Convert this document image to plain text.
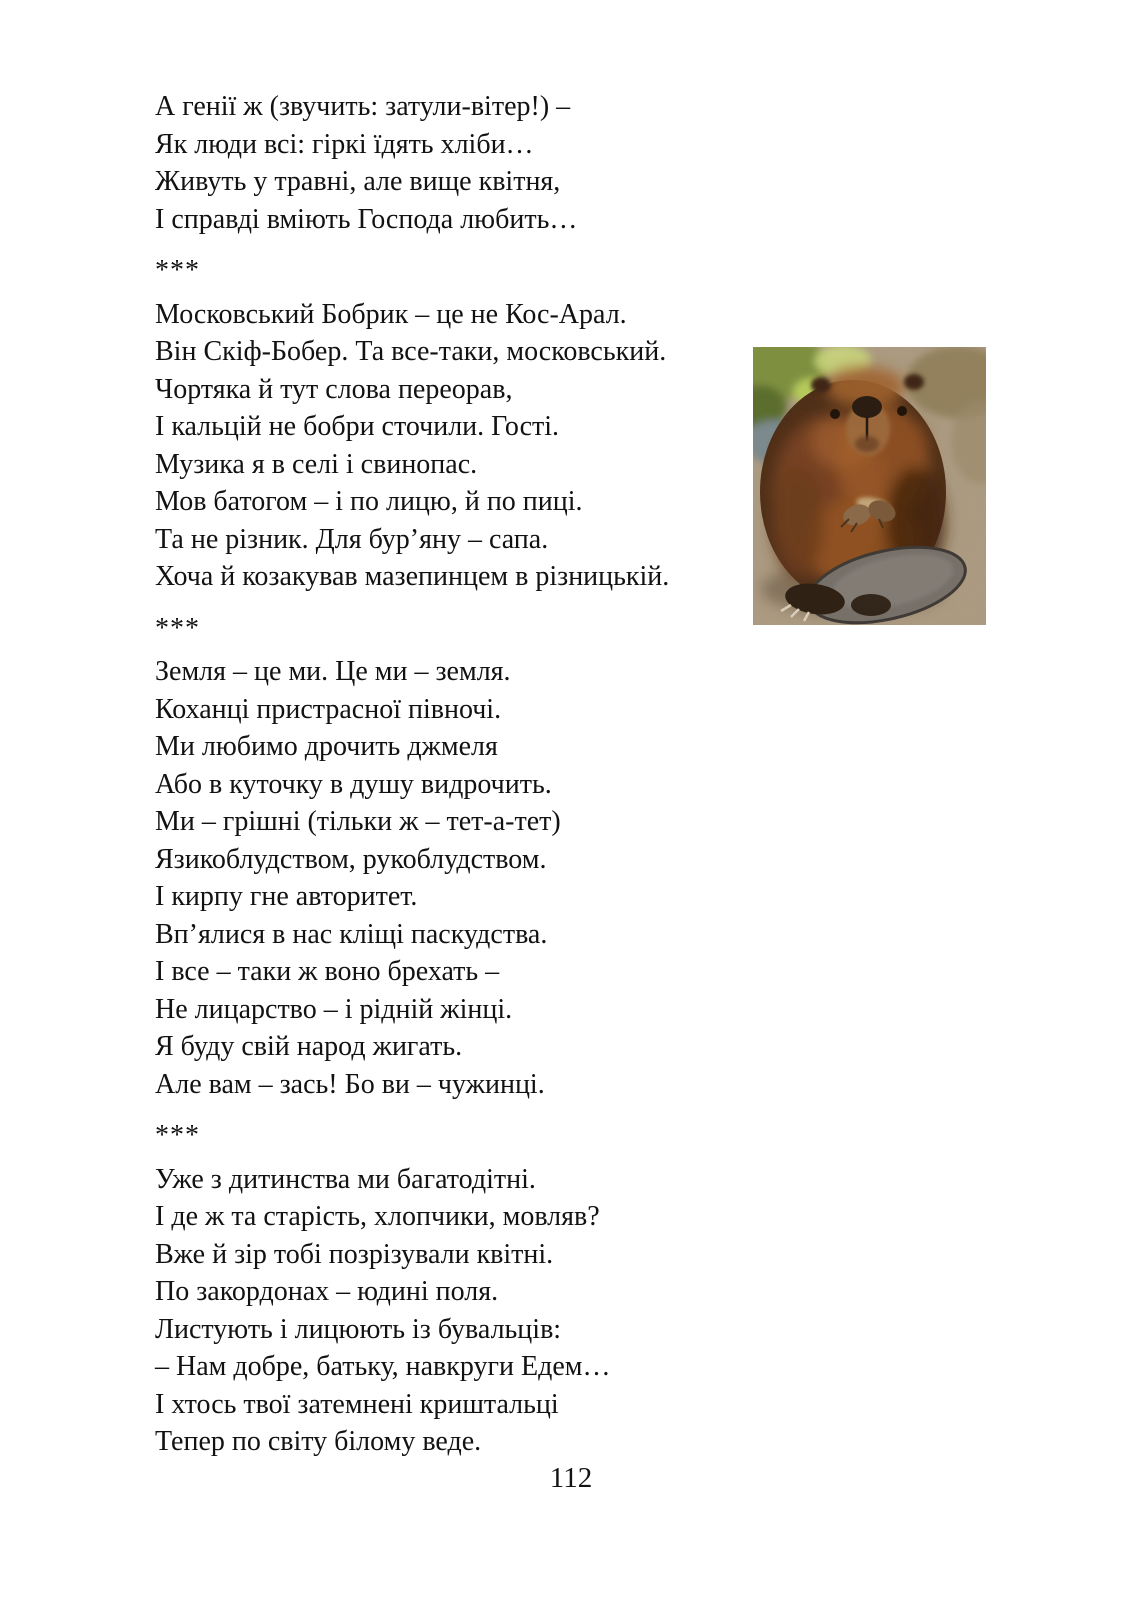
А генії ж (звучить: затули-вітер!) –
Як люди всі: гіркі їдять хліби…
Живуть у травні, але вище квітня,
І справді вміють Господа любить…
***
Московський Бобрик – це не Кос-Арал.
Він Скіф-Бобер. Та все-таки, московський.
Чортяка й тут слова переорав,
І кальцій не бобри сточили. Гості.
Музика я в селі і свинопас.
Мов батогом – і по лицю, й по пиці.
Та не різник. Для бур’яну – сапа.
Хоча й козакував мазепинцем в різницькій.
***
Земля – це ми. Це ми – земля.
Коханці пристрасної півночі.
Ми любимо дрочить джмеля
Або в куточку в душу видрочить.
Ми – грішні (тільки ж – тет-а-тет)
Язикоблудством, рукоблудством.
І кирпу гне авторитет.
Вп’ялися в нас кліщі паскудства.
І все – таки ж воно брехать –
Не лицарство – і рідній жінці.
Я буду свій народ жигать.
Але вам – зась! Бо ви – чужинці.
***
Уже з дитинства ми багатодітні.
І де ж та старість, хлопчики, мовляв?
Вже й зір тобі позрізували квітні.
По закордонах – юдині поля.
Листують і лицюють із бувальців:
– Нам добре, батьку, навкруги Едем…
І хтось твої затемнені криштальці
Тепер по світу білому веде.
112
